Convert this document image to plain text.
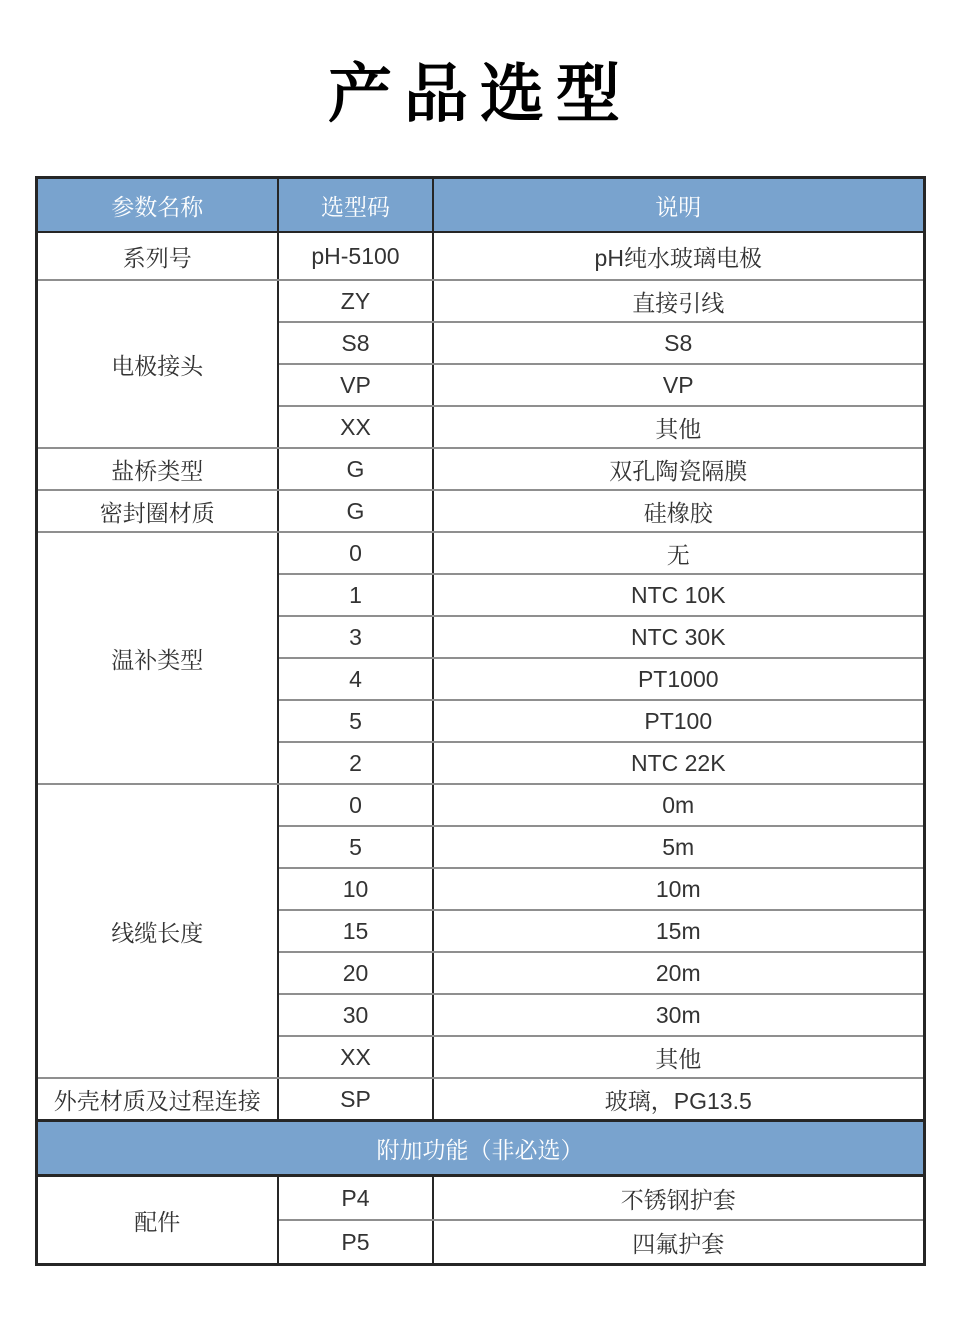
产品选型
参数名称	选型码	说明
系列号	pH-5100	pH纯水玻璃电极
电极接头	ZY	直接引线
	S8	S8
	VP	VP
	XX	其他
盐桥类型	G	双孔陶瓷隔膜
密封圈材质	G	硅橡胶
温补类型	0	无
	1	NTC 10K
	3	NTC 30K
	4	PT1000
	5	PT100
	2	NTC 22K
线缆长度	0	0m
	5	5m
	10	10m
	15	15m
	20	20m
	30	30m
	XX	其他
外壳材质及过程连接	SP	玻璃，PG13.5
附加功能（非必选）		
配件	P4	不锈钢护套
	P5	四氟护套
